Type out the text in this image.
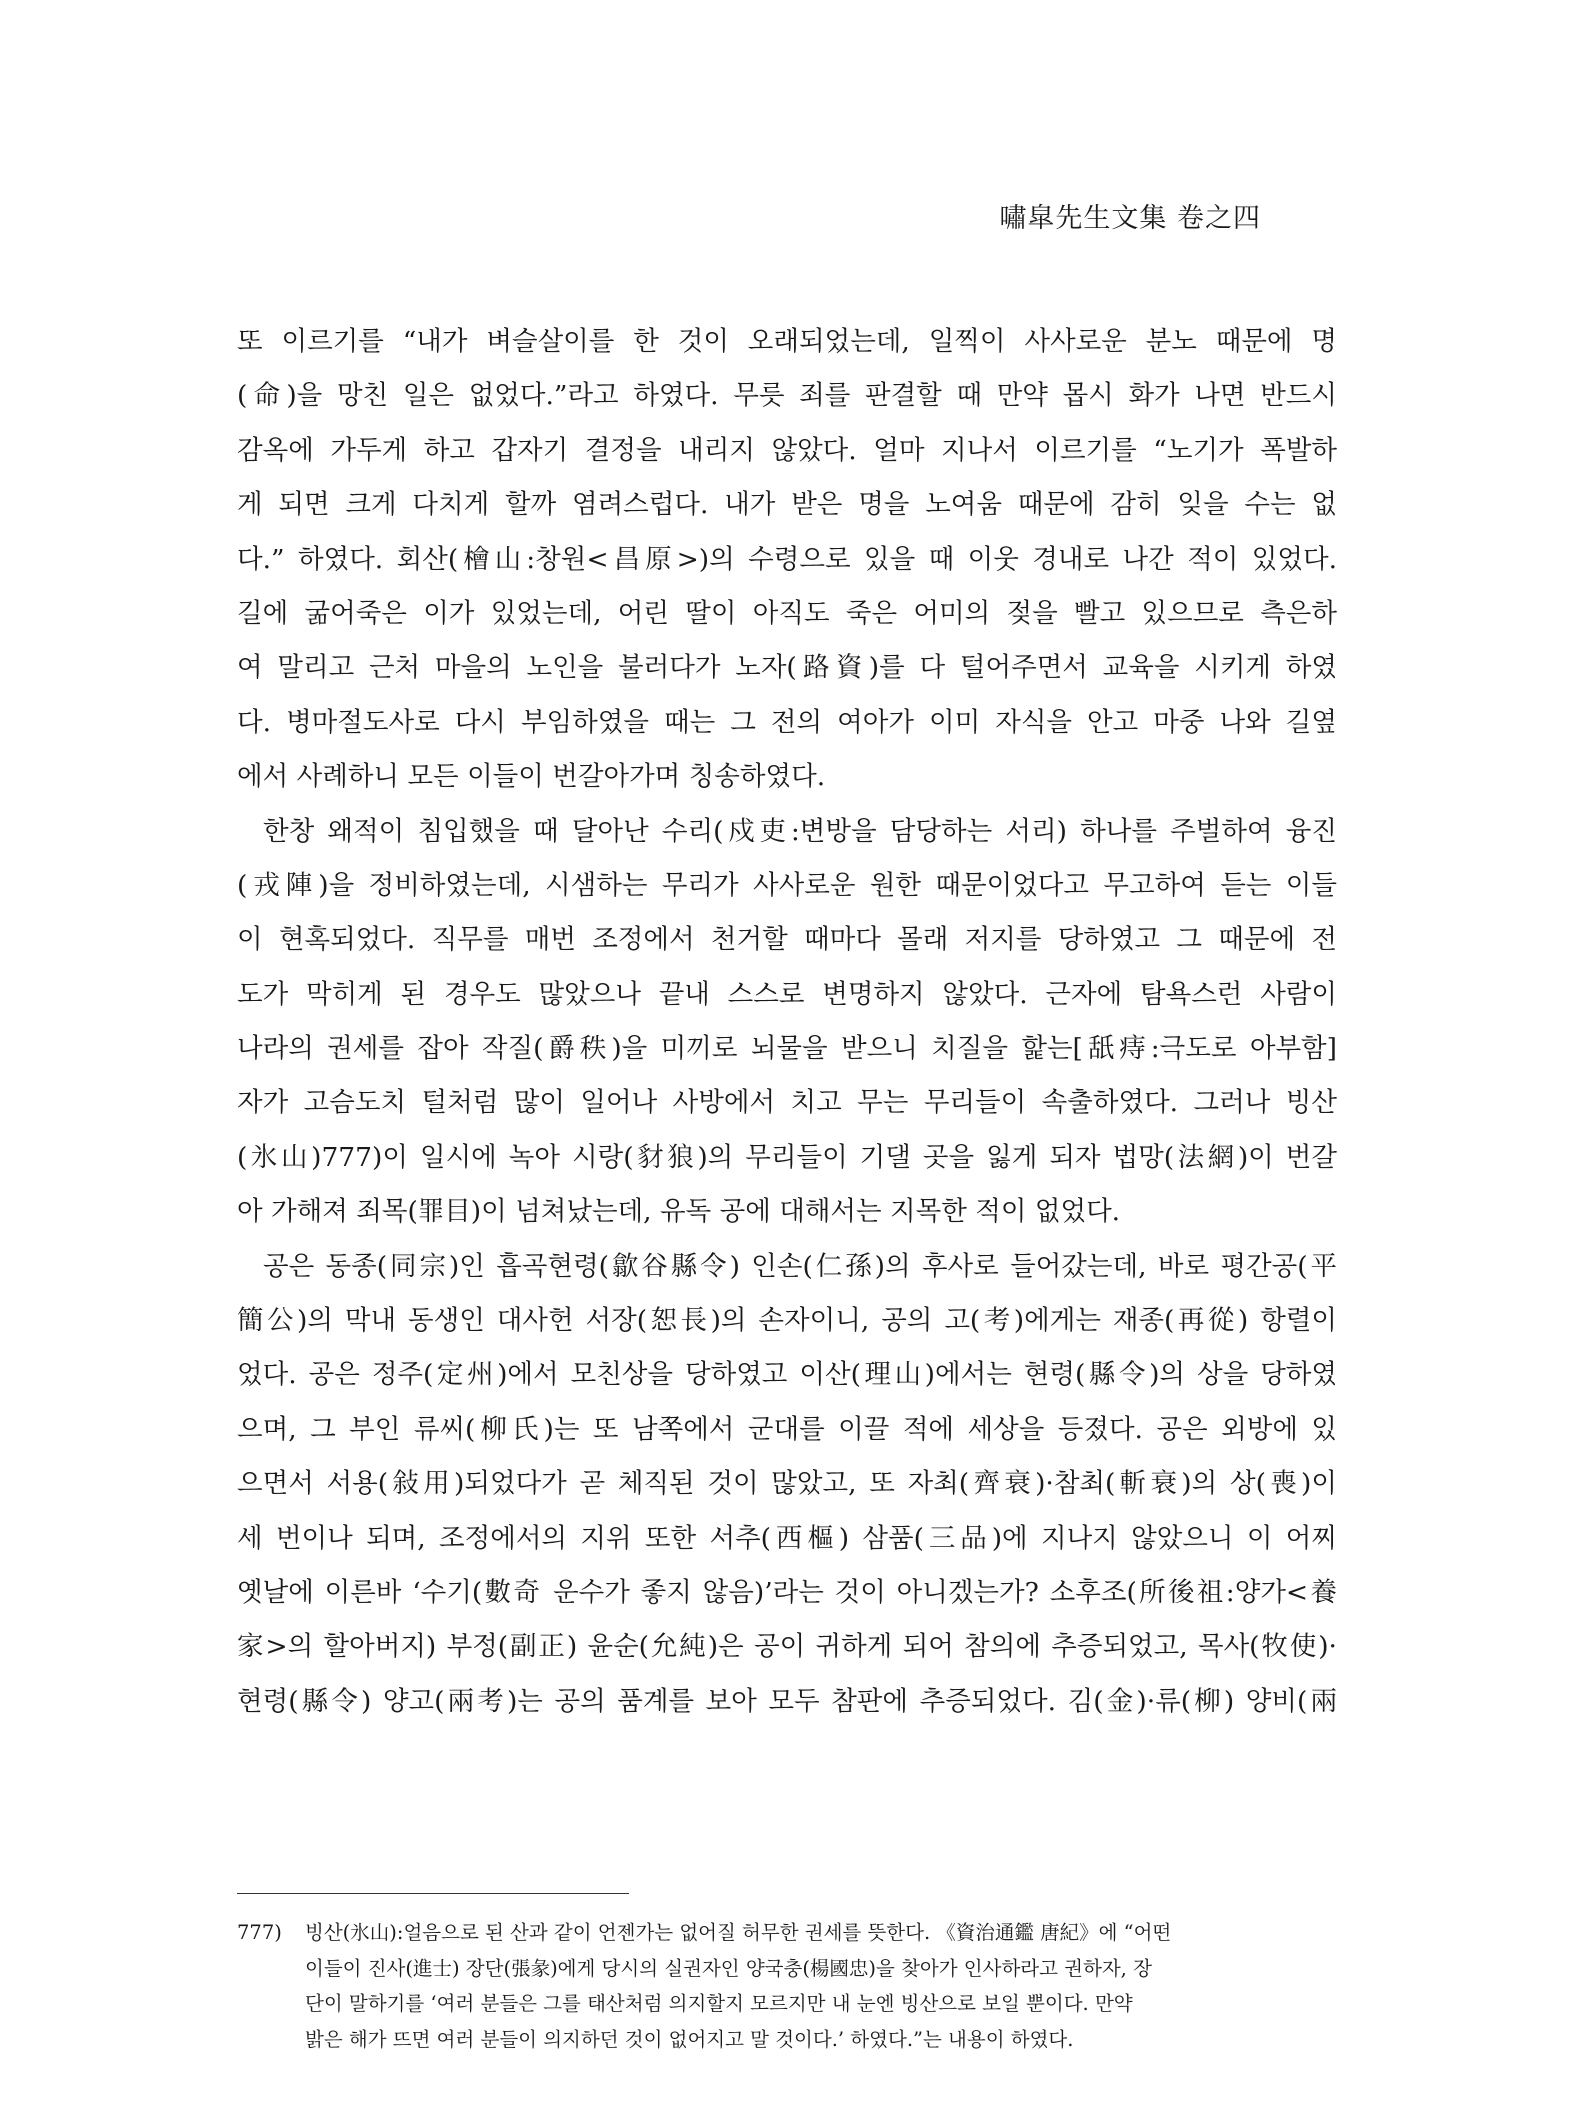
嘯皐先生文集 卷之四
또 이르기를 “내가 벼슬살이를 한 것이 오래되었는데, 일찍이 사사로운 분노 때문에 명
(命)을 망친 일은 없었다.”라고 하였다. 무릇 죄를 판결할 때 만약 몹시 화가 나면 반드시
감옥에 가두게 하고 갑자기 결정을 내리지 않았다. 얼마 지나서 이르기를 “노기가 폭발하
게 되면 크게 다치게 할까 염려스럽다. 내가 받은 명을 노여움 때문에 감히 잊을 수는 없
다.” 하였다. 회산(檜山:창원<昌原>)의 수령으로 있을 때 이웃 경내로 나간 적이 있었다.
길에 굶어죽은 이가 있었는데, 어린 딸이 아직도 죽은 어미의 젖을 빨고 있으므로 측은하
여 말리고 근처 마을의 노인을 불러다가 노자(路資)를 다 털어주면서 교육을 시키게 하였
다. 병마절도사로 다시 부임하였을 때는 그 전의 여아가 이미 자식을 안고 마중 나와 길옆
에서 사례하니 모든 이들이 번갈아가며 칭송하였다.
한창 왜적이 침입했을 때 달아난 수리(戍吏:변방을 담당하는 서리) 하나를 주벌하여 융진
(戎陣)을 정비하였는데, 시샘하는 무리가 사사로운 원한 때문이었다고 무고하여 듣는 이들
이 현혹되었다. 직무를 매번 조정에서 천거할 때마다 몰래 저지를 당하였고 그 때문에 전
도가 막히게 된 경우도 많았으나 끝내 스스로 변명하지 않았다. 근자에 탐욕스런 사람이
나라의 권세를 잡아 작질(爵秩)을 미끼로 뇌물을 받으니 치질을 핥는[舐痔:극도로 아부함]
자가 고슴도치 털처럼 많이 일어나 사방에서 치고 무는 무리들이 속출하였다. 그러나 빙산
(氷山)777)이 일시에 녹아 시랑(豺狼)의 무리들이 기댈 곳을 잃게 되자 법망(法網)이 번갈
아 가해져 죄목(罪目)이 넘쳐났는데, 유독 공에 대해서는 지목한 적이 없었다.
공은 동종(同宗)인 흡곡현령(歙谷縣令) 인손(仁孫)의 후사로 들어갔는데, 바로 평간공(平
簡公)의 막내 동생인 대사헌 서장(恕長)의 손자이니, 공의 고(考)에게는 재종(再從) 항렬이
었다. 공은 정주(定州)에서 모친상을 당하였고 이산(理山)에서는 현령(縣令)의 상을 당하였
으며, 그 부인 류씨(柳氏)는 또 남쪽에서 군대를 이끌 적에 세상을 등졌다. 공은 외방에 있
으면서 서용(敍用)되었다가 곧 체직된 것이 많았고, 또 자최(齊衰)·참최(斬衰)의 상(喪)이
세 번이나 되며, 조정에서의 지위 또한 서추(西樞) 삼품(三品)에 지나지 않았으니 이 어찌
옛날에 이른바 ‘수기(數奇 운수가 좋지 않음)’라는 것이 아니겠는가? 소후조(所後祖:양가<養
家>의 할아버지) 부정(副正) 윤순(允純)은 공이 귀하게 되어 참의에 추증되었고, 목사(牧使)·
현령(縣令) 양고(兩考)는 공의 품계를 보아 모두 참판에 추증되었다. 김(金)·류(柳) 양비(兩
777) 빙산(氷山):얼음으로 된 산과 같이 언젠가는 없어질 허무한 권세를 뜻한다. 《資治通鑑 唐紀》에 “어떤
이들이 진사(進士) 장단(張彖)에게 당시의 실권자인 양국충(楊國忠)을 찾아가 인사하라고 권하자, 장
단이 말하기를 ‘여러 분들은 그를 태산처럼 의지할지 모르지만 내 눈엔 빙산으로 보일 뿐이다. 만약
밝은 해가 뜨면 여러 분들이 의지하던 것이 없어지고 말 것이다.’ 하였다.”는 내용이 하였다.
